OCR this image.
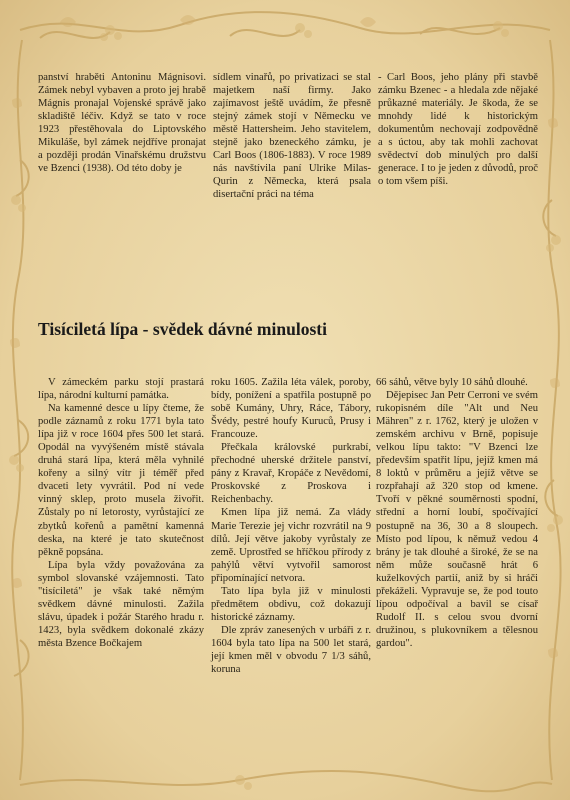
panství hraběti Antoninu Mágnisovi. Zámek nebyl vybaven a proto jej hrabě Mágnis pronajal Vojenské správě jako skladiště léčiv. Když se tato v roce 1923 přestěhovala do Liptovského Mikuláše, byl zámek nejdříve pronajat a později prodán Vinařskému družstvu ve Bzenci (1938). Od této doby je

sídlem vinařů, po privatizaci se stal majetkem naší firmy. Jako zajímavost ještě uvádím, že přesně stejný zámek stojí v Německu ve městě Hattersheim. Jeho stavitelem, stejně jako bzeneckého zámku, je Carl Boos (1806-1883). V roce 1989 nás navštívila paní Ulrike Milas-Qurin z Německa, která psala disertační práci na téma

- Carl Boos, jeho plány při stavbě zámku Bzenec - a hledala zde nějaké průkazné materiály. Je škoda, že se mnohdy lidé k historickým dokumentům nechovají zodpovědně a s úctou, aby tak mohli zachovat svědectví dob minulých pro další generace. I to je jeden z důvodů, proč o tom všem píši.

Tisíciletá lípa - svědek dávné minulosti

V zámeckém parku stojí prastará lípa, národní kulturní památka.

Na kamenné desce u lípy čteme, že podle záznamů z roku 1771 byla tato lípa již v roce 1604 přes 500 let stará. Opodál na vyvýšeném místě stávala druhá stará lípa, která měla vyhnilé kořeny a silný vítr ji téměř před dvaceti lety vyvrátil. Pod ní vede vinný sklep, proto musela živořit. Zůstaly po ní letorosty, vyrůstající ze zbytků kořenů a pamětní kamenná deska, na které je tato skutečnost pěkně popsána.

Lípa byla vždy považována za symbol slovanské vzájemnosti. Tato "tisíciletá" je však také němým svědkem dávné minulosti. Zažila slávu, úpadek i požár Starého hradu r. 1423, byla svědkem dokonalé zkázy města Bzence Bočkajem

roku 1605. Zažila léta válek, poroby, bídy, ponížení a spatřila postupně po sobě Kumány, Uhry, Ráce, Tábory, Švédy, pestré houfy Kuruců, Prusy i Francouze.

Přečkala královské purkrabí, přechodné uherské držitele panství, pány z Kravař, Kropáče z Nevědomí, Proskovské z Proskova i Reichenbachy.

Kmen lípa již nemá. Za vlády Marie Terezie jej vichr rozvrátil na 9 dílů. Její větve jakoby vyrůstaly ze země. Uprostřed se hříčkou přírody z pahýlů větví vytvořil samorost připomínající netvora.

Tato lípa byla již v minulosti předmětem obdivu, což dokazují historické záznamy.

Dle zpráv zanesených v urbáři z r. 1604 byla tato lípa na 500 let stará, její kmen měl v obvodu 7 1/3 sáhů, koruna

66 sáhů, větve byly 10 sáhů dlouhé.

Dějepisec Jan Petr Cerroni ve svém rukopisném díle "Alt und Neu Mähren" z r. 1762, který je uložen v zemském archivu v Brně, popisuje velkou lípu takto: "V Bzenci lze především spatřit lípu, jejíž kmen má 8 loktů v průměru a jejíž větve se rozpřahají až 320 stop od kmene. Tvoří v pěkné souměrnosti spodní, střední a horní loubí, spočívající postupně na 36, 30 a 8 sloupech. Místo pod lípou, k němuž vedou 4 brány je tak dlouhé a široké, že se na něm může současně hrát 6 kuželkových partií, aniž by si hráči překáželi. Vypravuje se, že pod touto lípou odpočíval a bavil se císař Rudolf II. s celou svou dvorní družinou, s plukovníkem a tělesnou gardou".
